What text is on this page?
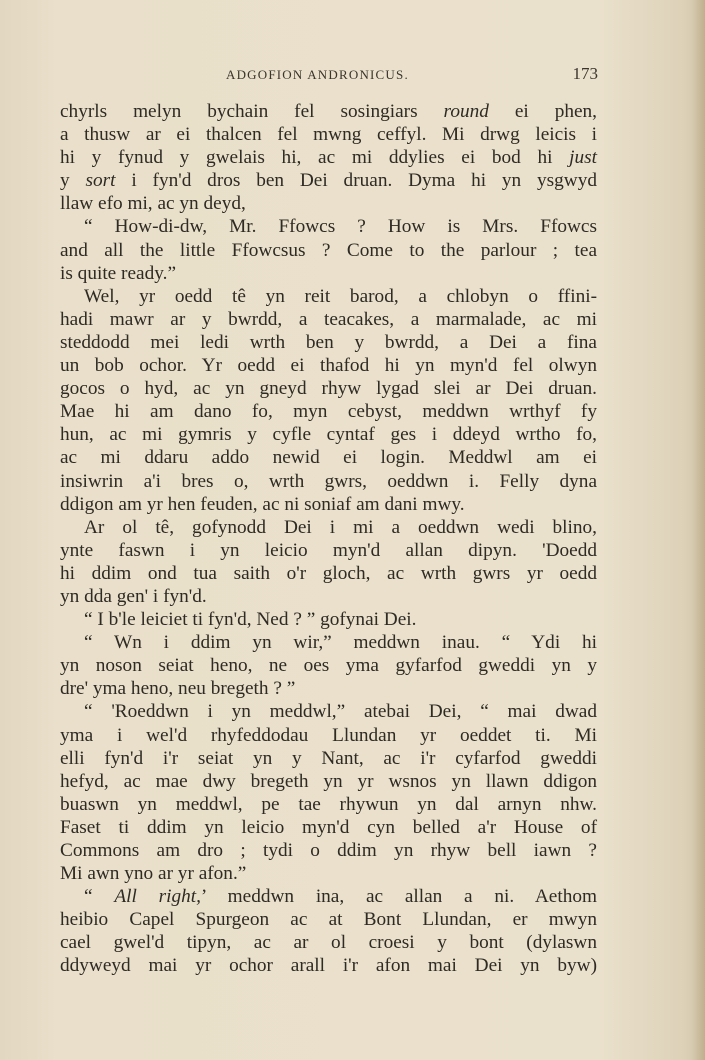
ADGOFION ANDRONICUS.	173
chyrls melyn bychain fel sosingiars round ei phen,
a thusw ar ei thalcen fel mwng ceffyl. Mi drwg leicis i
hi y fynud y gwelais hi, ac mi ddylies ei bod hi just
y sort i fyn'd dros ben Dei druan. Dyma hi yn ysgwyd
llaw efo mi, ac yn deyd,
“ How-di-dw, Mr. Ffowcs ? How is Mrs. Ffowcs
and all the little Ffowcsus ? Come to the parlour ; tea
is quite ready.”
Wel, yr oedd tê yn reit barod, a chlobyn o ffini-
hadi mawr ar y bwrdd, a teacakes, a marmalade, ac mi
steddodd mei ledi wrth ben y bwrdd, a Dei a fina
un bob ochor. Yr oedd ei thafod hi yn myn'd fel olwyn
gocos o hyd, ac yn gneyd rhyw lygad slei ar Dei druan.
Mae hi am dano fo, myn cebyst, meddwn wrthyf fy
hun, ac mi gymris y cyfle cyntaf ges i ddeyd wrtho fo,
ac mi ddaru addo newid ei login. Meddwl am ei
insiwrin a'i bres o, wrth gwrs, oeddwn i. Felly dyna
ddigon am yr hen feuden, ac ni soniaf am dani mwy.
Ar ol tê, gofynodd Dei i mi a oeddwn wedi blino,
ynte faswn i yn leicio myn'd allan dipyn. 'Doedd
hi ddim ond tua saith o'r gloch, ac wrth gwrs yr oedd
yn dda gen' i fyn'd.
“ I b'le leiciet ti fyn'd, Ned ? ” gofynai Dei.
“ Wn i ddim yn wir,” meddwn inau. “ Ydi hi
yn noson seiat heno, ne oes yma gyfarfod gweddi yn y
dre' yma heno, neu bregeth ? ”
“ 'Roeddwn i yn meddwl,” atebai Dei, “ mai dwad
yma i wel'd rhyfeddodau Llundan yr oeddet ti. Mi
elli fyn'd i'r seiat yn y Nant, ac i'r cyfarfod gweddi
hefyd, ac mae dwy bregeth yn yr wsnos yn llawn ddigon
buaswn yn meddwl, pe tae rhywun yn dal arnyn nhw.
Faset ti ddim yn leicio myn'd cyn belled a'r House of
Commons am dro ; tydi o ddim yn rhyw bell iawn ?
Mi awn yno ar yr afon.”
“ All right,’ meddwn ina, ac allan a ni. Aethom
heibio Capel Spurgeon ac at Bont Llundan, er mwyn
cael gwel'd tipyn, ac ar ol croesi y bont (dylaswn
ddyweyd mai yr ochor arall i'r afon mai Dei yn byw)
